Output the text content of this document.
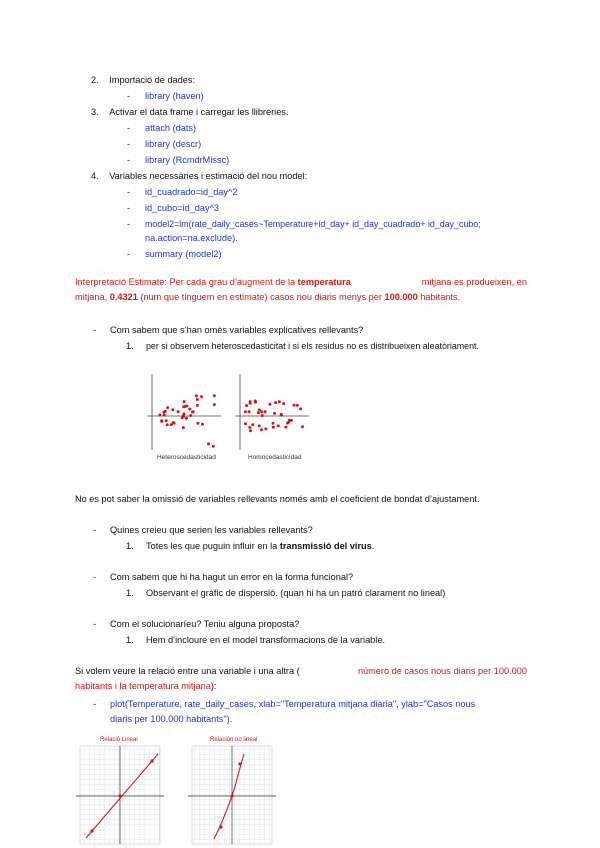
2. Importació de dades:
- library (haven)
3. Activar el data frame i carregar les llibreries.
- attach (dats)
- library (descr)
- library (RcmdrMissc)
4. Variables necessàries i estimació del nou model:
- id_cuadrado=id_day^2
- id_cubo=id_day^3
- model2=lm(rate_daily_cases~Temperature+id_day+ id_day_cuadrado+ id_day_cubo;
na.action=na.exclude).
- summary (model2)
Interpretació Estimate: Per cada grau d’augment de la temperatura	mitjana es produeixen, en
mitjana, 0.4321 (num que tinguem en estimate) casos nou diaris menys per 100.000 habitants.
- Com sabem que s’han omès variables explicatives rellevants?
1. per si observem heteroscedasticitat i si els residus no es distribueixen aleatòriament.
Heteroscedasticidad	Homocedasticidad
No es pot saber la omissió de variables rellevants només amb el coeficient de bondat d’ajustament.
- Quines creieu que serien les variables rellevants?
1. Totes les que puguin influir en la transmissió del virus.
- Com sabem que hi ha hagut un error en la forma funcional?
1. Observant el gràfic de dispersió. (quan hi ha un patró clarament no lineal)
- Com el solucionaríeu? Teniu alguna proposta?
1. Hem d’incloure en el model transformacions de la variable.
Si volem veure la relació entre una variable i una altra (	número de casos nous diaris per 100.000
habitants i la temperatura mitjana):
- plot(Temperature, rate_daily_cases, xlab="Temperatura mitjana diària", ylab="Casos nous
diaris per 100.000 habitants").
Relació Lineal	Relación no lineal
